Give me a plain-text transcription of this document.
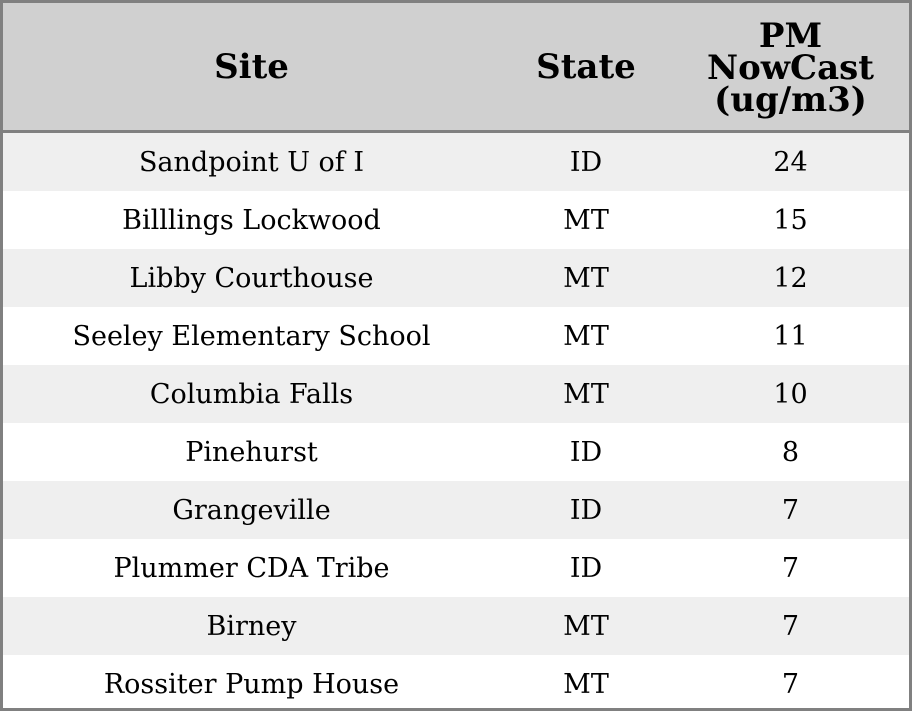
Site	State	PM
NowCast
(ug/m3)

Sandpoint U of I	ID	24
Billlings Lockwood	MT	15
Libby Courthouse	MT	12
Seeley Elementary School	MT	11
Columbia Falls	MT	10
Pinehurst	ID	8
Grangeville	ID	7
Plummer CDA Tribe	ID	7
Birney	MT	7
Rossiter Pump House	MT	7
